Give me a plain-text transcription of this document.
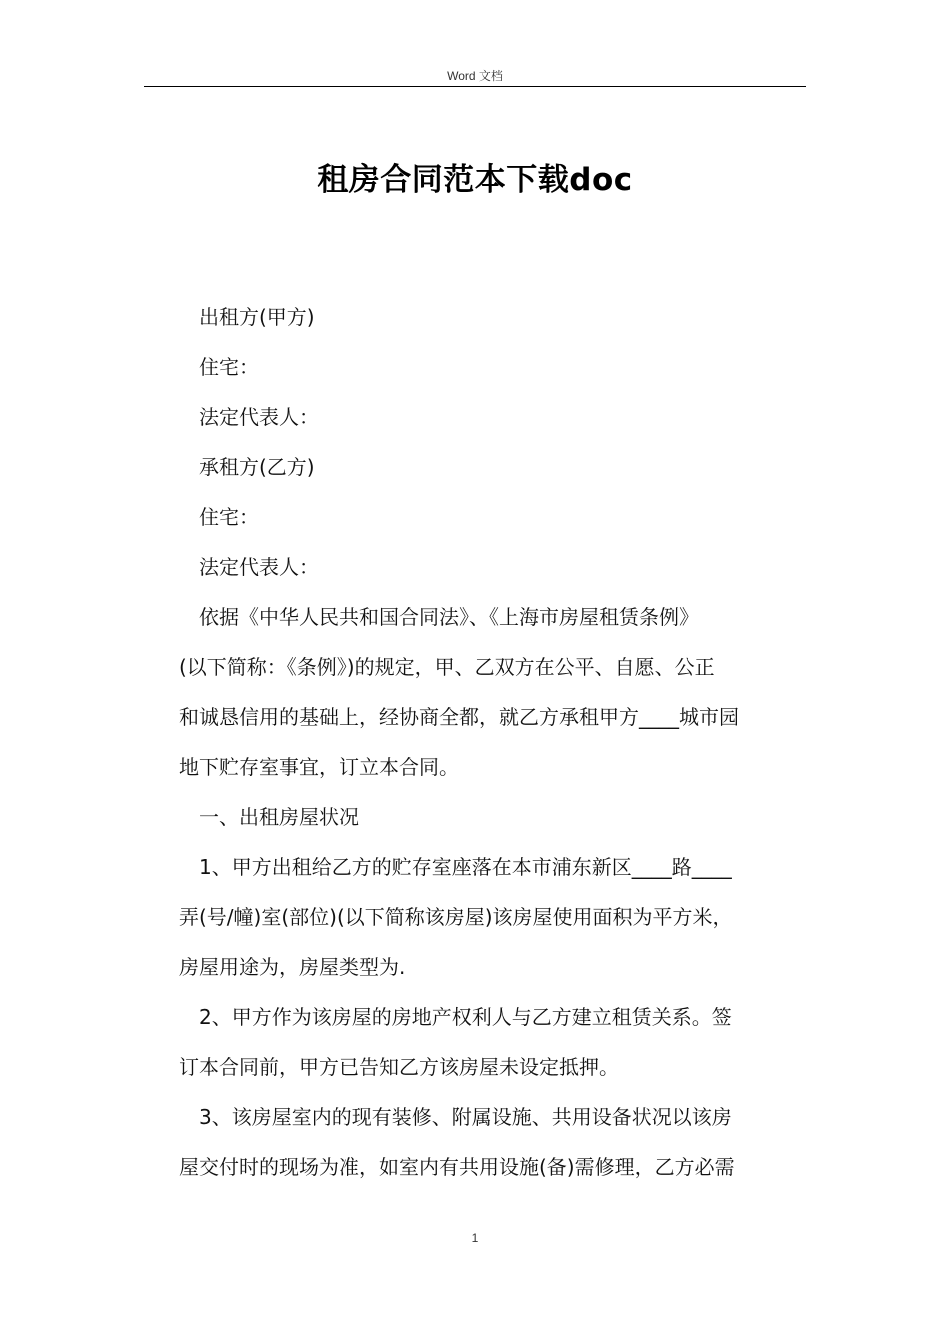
Word 文档
租房合同范本下载doc
出租方(甲方)
住宅：
法定代表人：
承租方(乙方)
住宅：
法定代表人：
依据《中华人民共和国合同法》、《上海市房屋租赁条例》
(以下简称：《条例》)的规定，甲、乙双方在公平、自愿、公正
和诚恳信用的基础上，经协商全都，就乙方承租甲方____城市园
地下贮存室事宜，订立本合同。
一、出租房屋状况
1、甲方出租给乙方的贮存室座落在本市浦东新区____路____
弄(号/幢)室(部位)(以下简称该房屋)该房屋使用面积为平方米，
房屋用途为，房屋类型为.
2、甲方作为该房屋的房地产权利人与乙方建立租赁关系。签
订本合同前，甲方已告知乙方该房屋未设定抵押。
3、该房屋室内的现有装修、附属设施、共用设备状况以该房
屋交付时的现场为准，如室内有共用设施(备)需修理，乙方必需
1
